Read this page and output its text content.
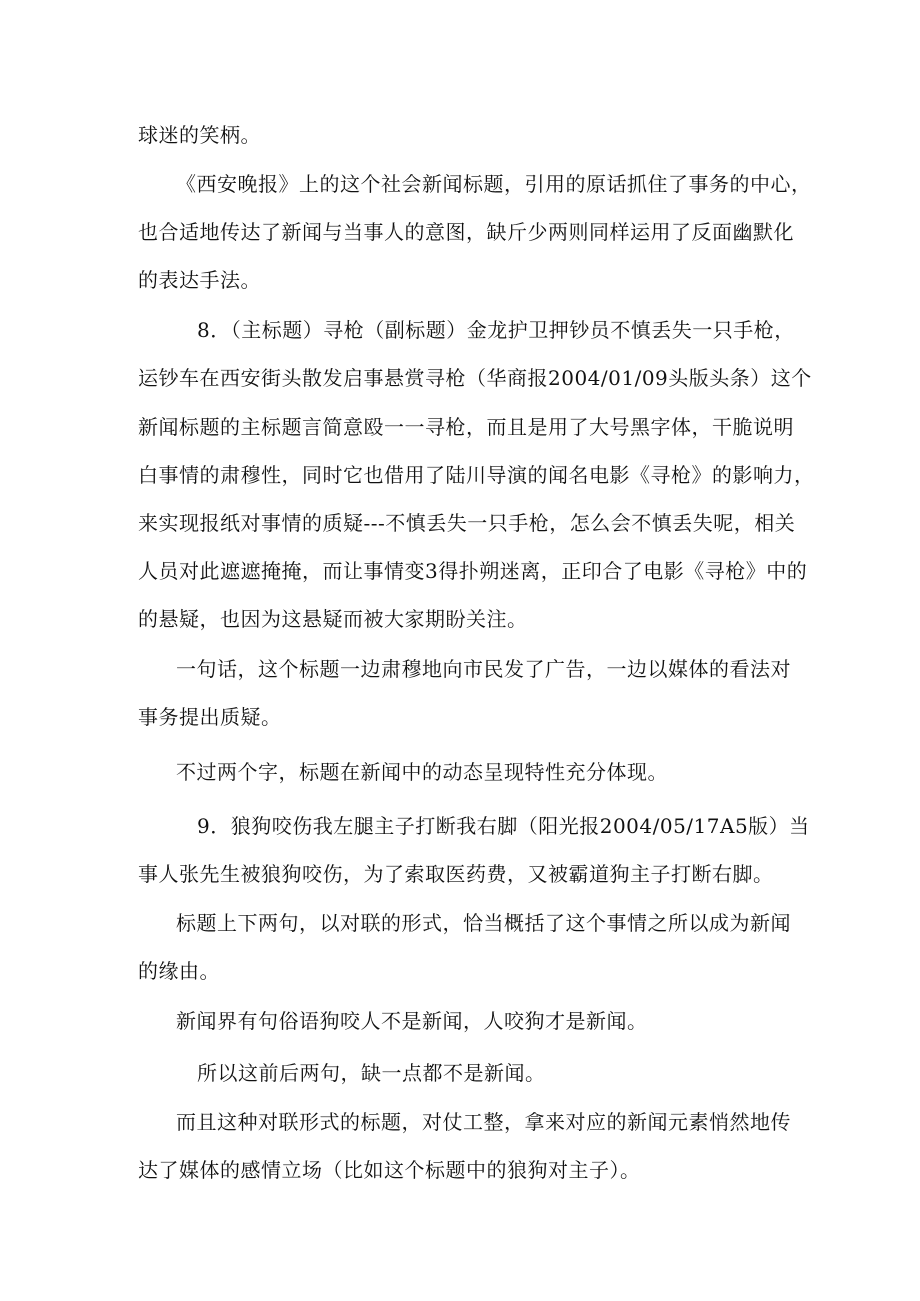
球迷的笑柄。
《西安晚报》上的这个社会新闻标题，引用的原话抓住了事务的中心，
也合适地传达了新闻与当事人的意图，缺斤少两则同样运用了反面幽默化
的表达手法。
8．（主标题）寻枪（副标题）金龙护卫押钞员不慎丢失一只手枪，
运钞车在西安街头散发启事悬赏寻枪（华商报2004/01/09头版头条）这个
新闻标题的主标题言简意殴一一寻枪，而且是用了大号黑字体，干脆说明
白事情的肃穆性，同时它也借用了陆川导演的闻名电影《寻枪》的影响力，
来实现报纸对事情的质疑---不慎丢失一只手枪，怎么会不慎丢失呢，相关
人员对此遮遮掩掩，而让事情变3得扑朔迷离，正印合了电影《寻枪》中的
的悬疑，也因为这悬疑而被大家期盼关注。
一句话，这个标题一边肃穆地向市民发了广告，一边以媒体的看法对
事务提出质疑。
不过两个字，标题在新闻中的动态呈现特性充分体现。
9．狼狗咬伤我左腿主子打断我右脚（阳光报2004/05/17A5版）当
事人张先生被狼狗咬伤，为了索取医药费，又被霸道狗主子打断右脚。
标题上下两句，以对联的形式，恰当概括了这个事情之所以成为新闻
的缘由。
新闻界有句俗语狗咬人不是新闻，人咬狗才是新闻。
所以这前后两句，缺一点都不是新闻。
而且这种对联形式的标题，对仗工整，拿来对应的新闻元素悄然地传
达了媒体的感情立场（比如这个标题中的狼狗对主子）。
